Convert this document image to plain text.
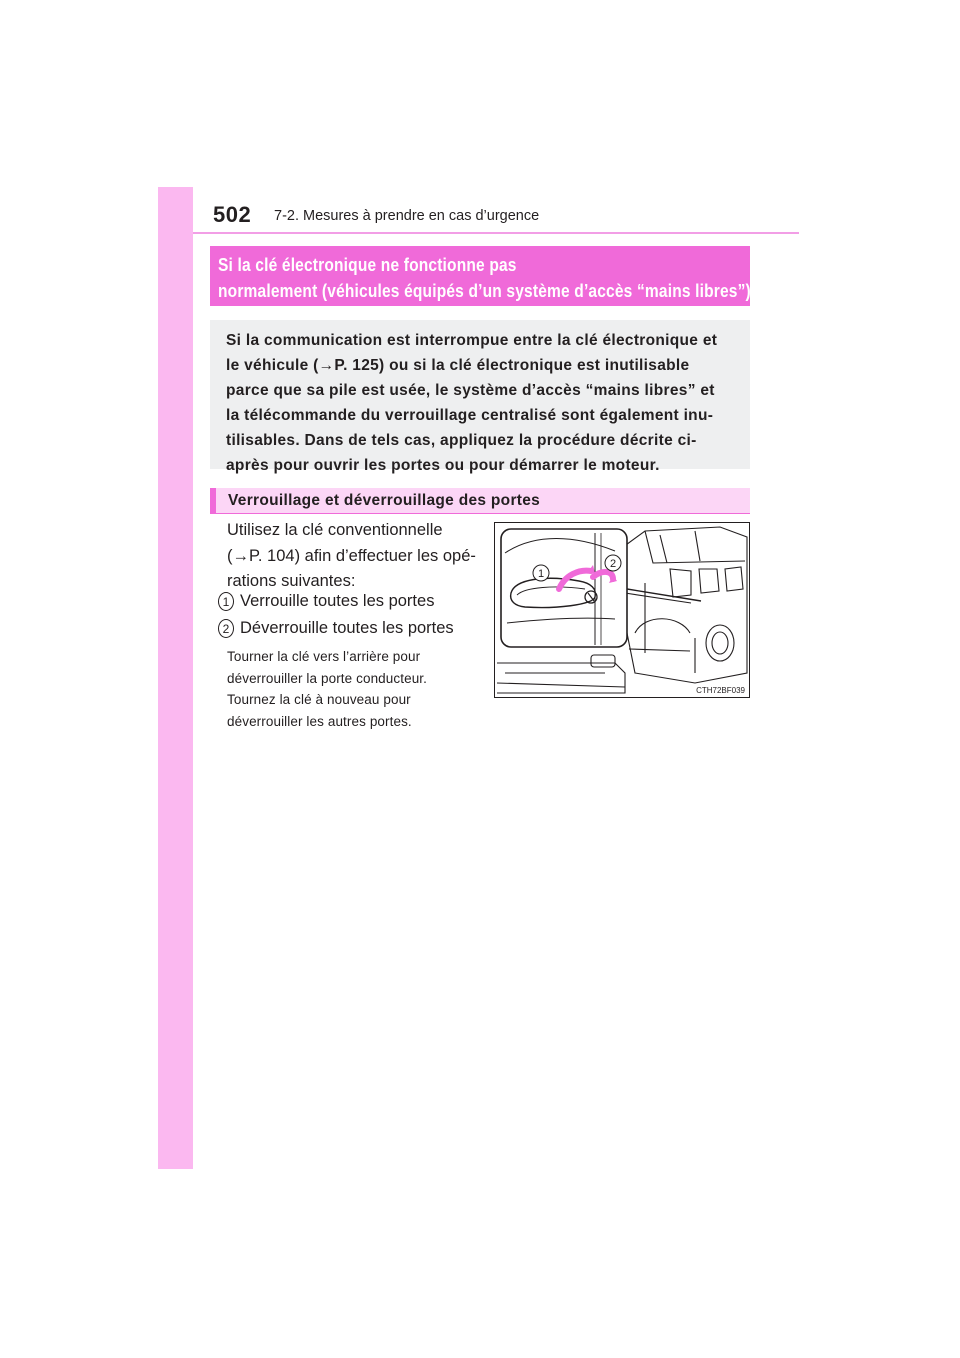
502 7-2. Mesures à prendre en cas d’urgence
Si la clé électronique ne fonctionne pas
normalement (véhicules équipés d’un système d’accès “mains libres”)

Si la communication est interrompue entre la clé électronique et
le véhicule (→P. 125) ou si la clé électronique est inutilisable
parce que sa pile est usée, le système d’accès “mains libres” et
la télécommande du verrouillage centralisé sont également inu-
tilisables. Dans de tels cas, appliquez la procédure décrite ci-
après pour ouvrir les portes ou pour démarrer le moteur.

Verrouillage et déverrouillage des portes

Utilisez la clé conventionnelle
(→P. 104) afin d’effectuer les opé-
rations suivantes:

1 Verrouille toutes les portes
2 Déverrouille toutes les portes

Tourner la clé vers l’arrière pour
déverrouiller la porte conducteur.
Tournez la clé à nouveau pour
déverrouiller les autres portes.

1
2
CTH72BF039
